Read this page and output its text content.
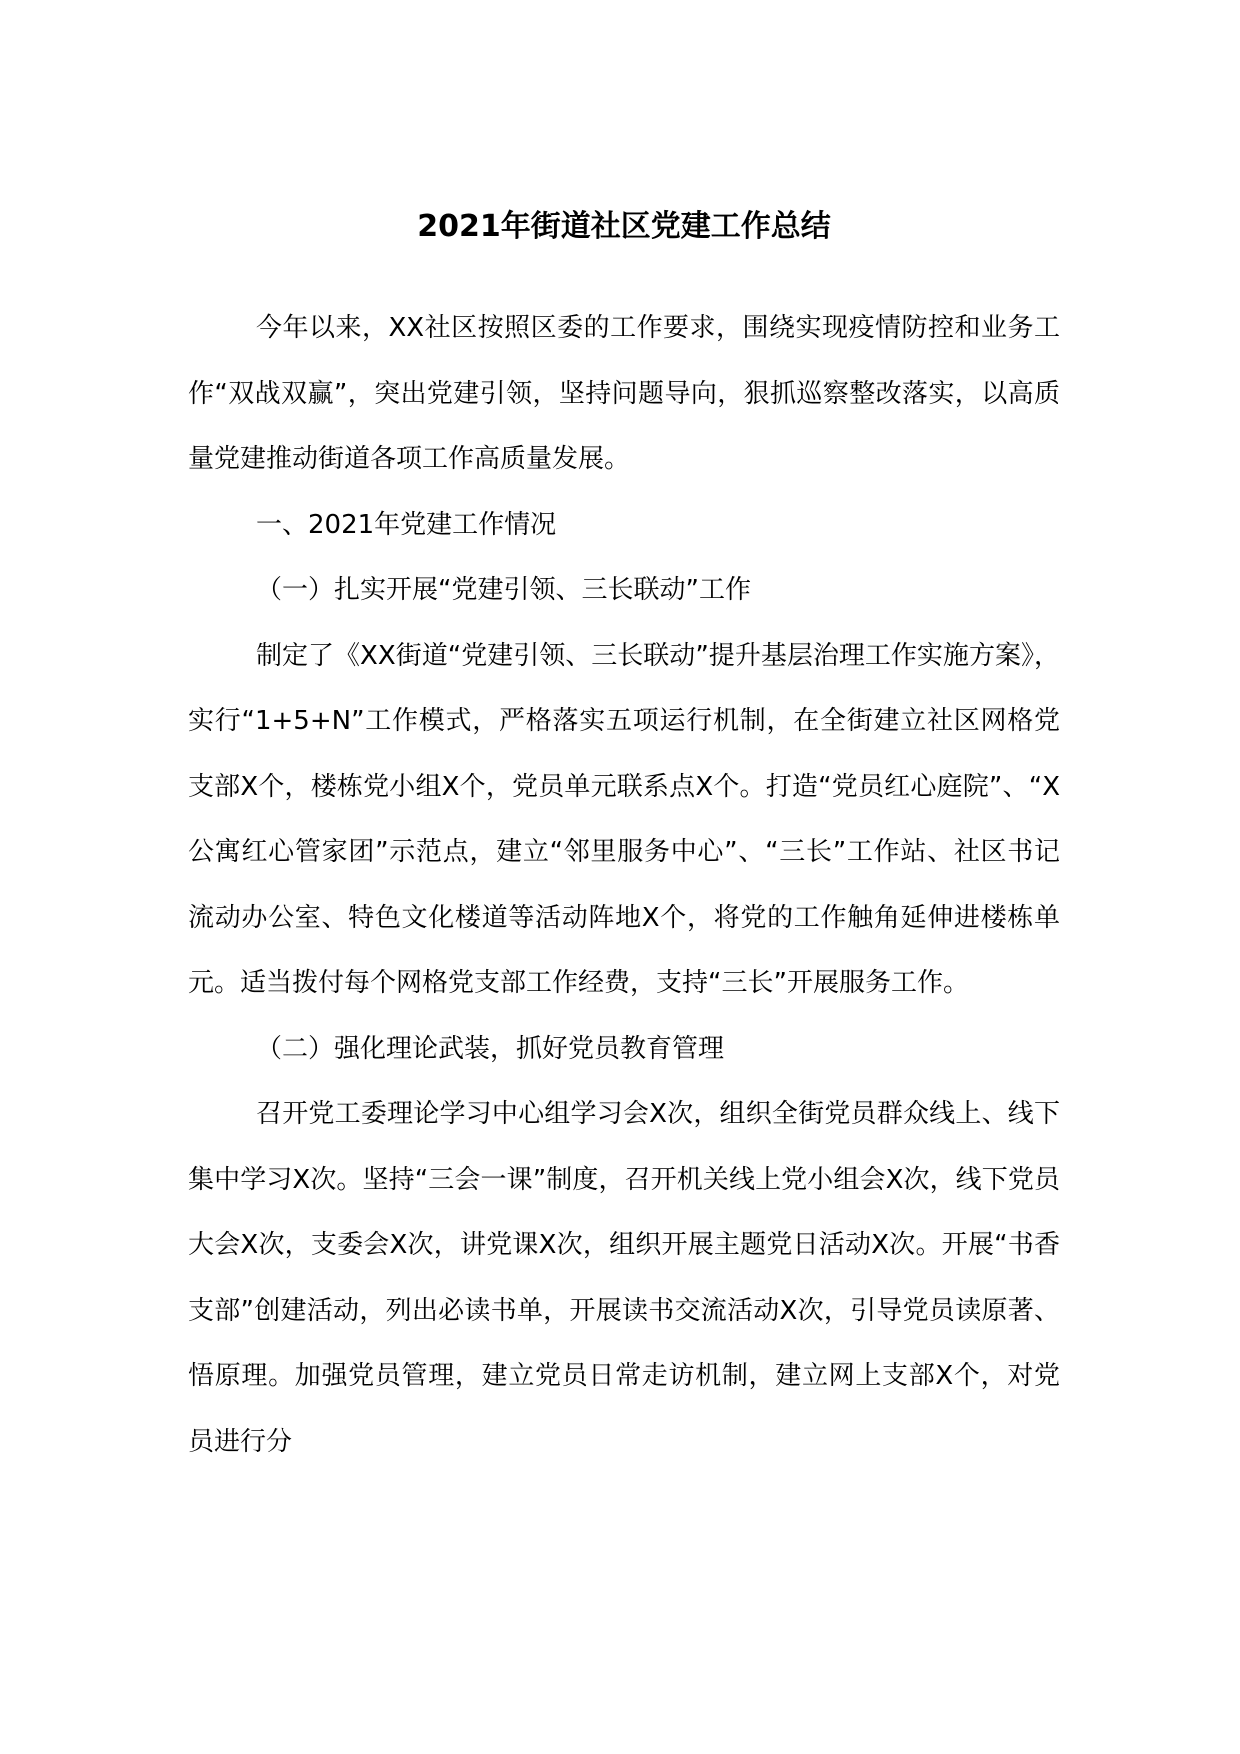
2021年街道社区党建工作总结

今年以来，XX社区按照区委的工作要求，围绕实现疫情防控和业务工作“双战双赢”，突出党建引领，坚持问题导向，狠抓巡察整改落实，以高质量党建推动街道各项工作高质量发展。

一、2021年党建工作情况

（一）扎实开展“党建引领、三长联动”工作

制定了《XX街道“党建引领、三长联动”提升基层治理工作实施方案》，实行“1+5+N”工作模式，严格落实五项运行机制，在全街建立社区网格党支部X个，楼栋党小组X个，党员单元联系点X个。打造“党员红心庭院”、“X公寓红心管家团”示范点，建立“邻里服务中心”、“三长”工作站、社区书记流动办公室、特色文化楼道等活动阵地X个，将党的工作触角延伸进楼栋单元。适当拨付每个网格党支部工作经费，支持“三长”开展服务工作。

（二）强化理论武装，抓好党员教育管理

召开党工委理论学习中心组学习会X次，组织全街党员群众线上、线下集中学习X次。坚持“三会一课”制度，召开机关线上党小组会X次，线下党员大会X次，支委会X次，讲党课X次，组织开展主题党日活动X次。开展“书香支部”创建活动，列出必读书单，开展读书交流活动X次，引导党员读原著、悟原理。加强党员管理，建立党员日常走访机制，建立网上支部X个，对党员进行分
